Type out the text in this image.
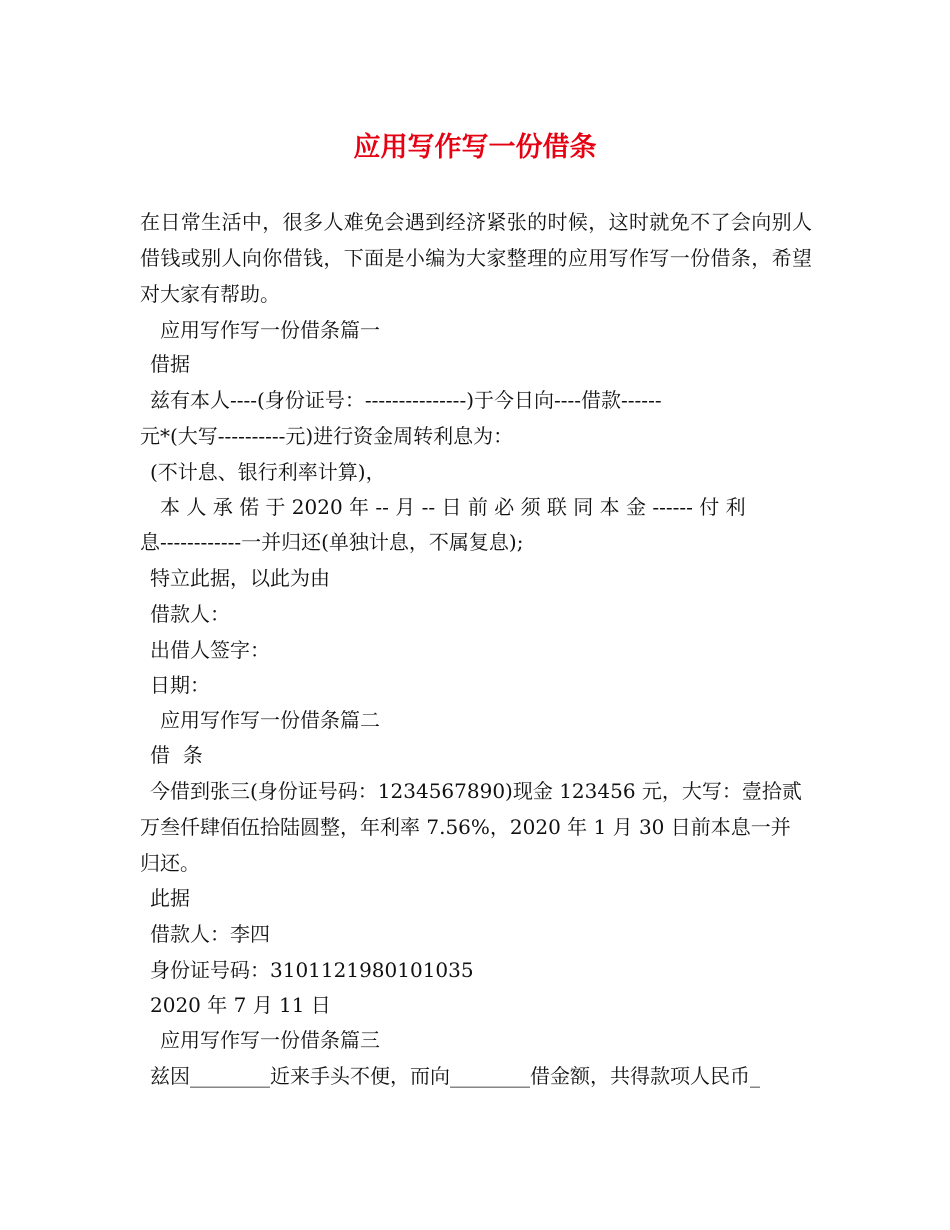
应用写作写一份借条
在日常生活中，很多人难免会遇到经济紧张的时候，这时就免不了会向别人借钱或别人向你借钱，下面是小编为大家整理的应用写作写一份借条，希望对大家有帮助。
应用写作写一份借条篇一
借据
兹有本人----(身份证号：---------------)于今日向----借款------
元*(大写----------元)进行资金周转利息为：
(不计息、银行利率计算)，
本 人 承 偌 于 2020 年 -- 月 -- 日 前 必 须 联 同 本 金 ------ 付 利
息------------一并归还(单独计息，不属复息);
特立此据，以此为由
借款人：
出借人签字：
日期：
应用写作写一份借条篇二
借  条
今借到张三(身份证号码：1234567890)现金 123456 元，大写：壹拾贰
万叁仟肆佰伍拾陆圆整，年利率 7.56%，2020 年 1 月 30 日前本息一并
归还。
此据
借款人：李四
身份证号码：3101121980101035
2020 年 7 月 11 日
应用写作写一份借条篇三
兹因________近来手头不便，而向________借金额，共得款项人民币_
